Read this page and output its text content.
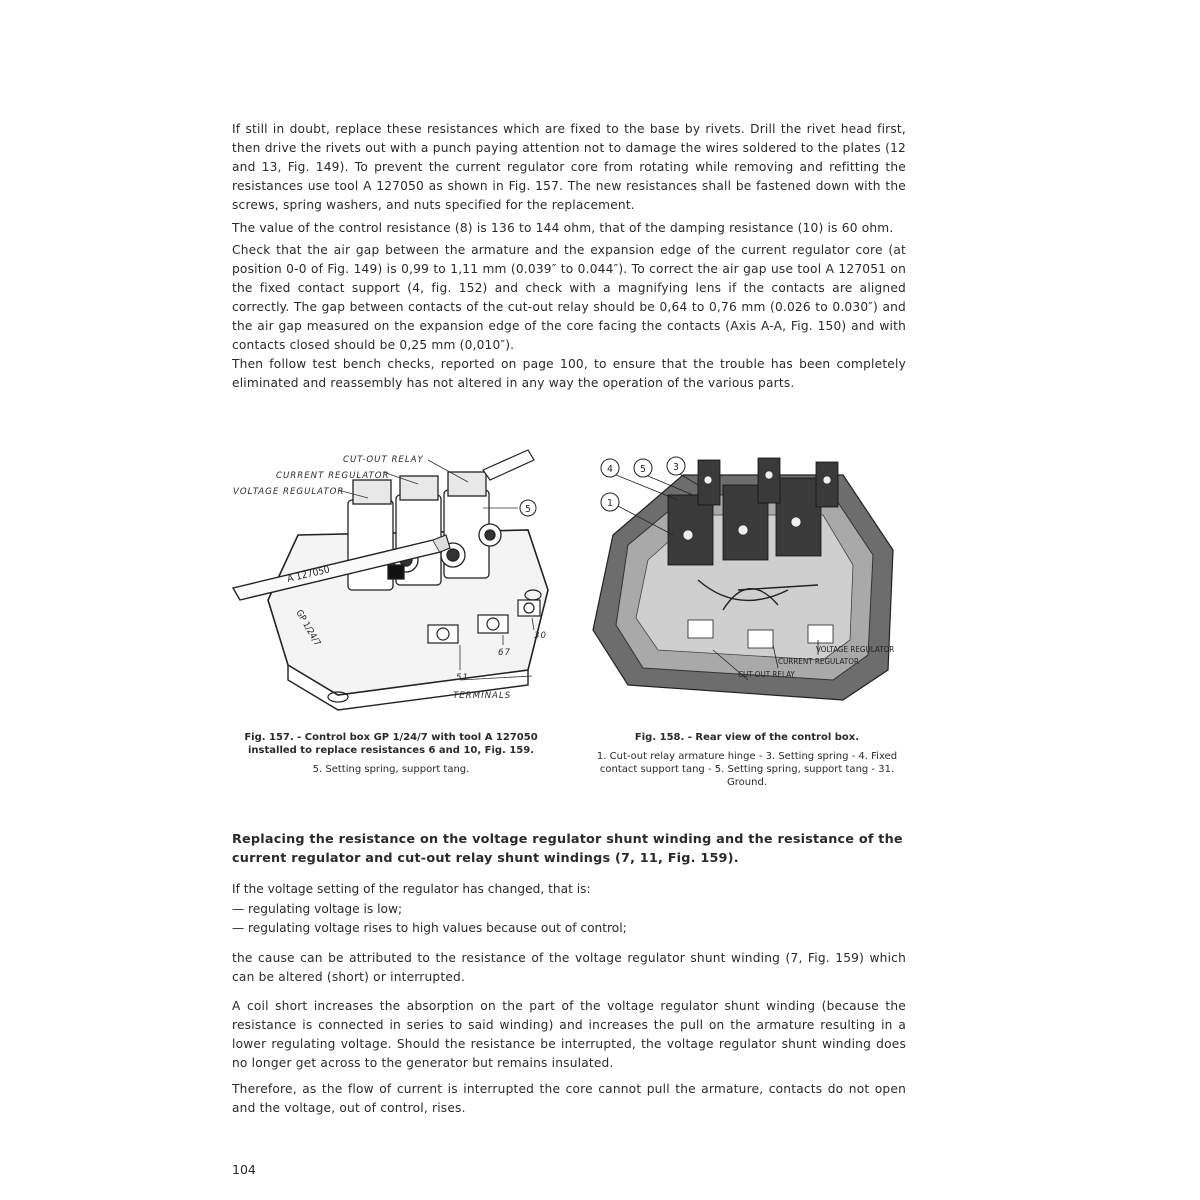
If still in doubt, replace these resistances which are fixed to the base by rivets. Drill the rivet head first, then drive the rivets out with a punch paying attention not to damage the wires soldered to the plates (12 and 13, Fig. 149). To prevent the current regulator core from rotating while removing and refitting the resistances use tool A 127050 as shown in Fig. 157. The new resistances shall be fastened down with the screws, spring washers, and nuts specified for the replacement.

The value of the control resistance (8) is 136 to 144 ohm, that of the damping resistance (10) is 60 ohm.

Check that the air gap between the armature and the expansion edge of the current regulator core (at position 0-0 of Fig. 149) is 0,99 to 1,11 mm (0.039″ to 0.044″). To correct the air gap use tool A 127051 on the fixed contact support (4, fig. 152) and check with a magnifying lens if the contacts are aligned correctly. The gap between contacts of the cut-out relay should be 0,64 to 0,76 mm (0.026 to 0.030″) and the air gap measured on the expansion edge of the core facing the contacts (Axis A-A, Fig. 150) and with contacts closed should be 0,25 mm (0,010″).

Then follow test bench checks, reported on page 100, to ensure that the trouble has been completely eliminated and reassembly has not altered in any way the operation of the various parts.

A 127050
GP 1/24/7
5
CUT-OUT RELAY
CURRENT REGULATOR
VOLTAGE REGULATOR
51
67
30
TERMINALS

Fig. 157. - Control box GP 1/24/7 with tool A 127050 installed to replace resistances 6 and 10, Fig. 159.
5. Setting spring, support tang.

4	5	3
1
VOLTAGE REGULATOR
CURRENT REGULATOR
CUT-OUT RELAY

Fig. 158. - Rear view of the control box.
1. Cut-out relay armature hinge - 3. Setting spring - 4. Fixed contact support tang - 5. Setting spring, support tang - 31. Ground.

Replacing the resistance on the voltage regulator shunt winding and the resistance of the current regulator and cut-out relay shunt windings (7, 11, Fig. 159).

If the voltage setting of the regulator has changed, that is:

— regulating voltage is low;

— regulating voltage rises to high values because out of control;

the cause can be attributed to the resistance of the voltage regulator shunt winding (7, Fig. 159) which can be altered (short) or interrupted.

A coil short increases the absorption on the part of the voltage regulator shunt winding (because the resistance is connected in series to said winding) and increases the pull on the armature resulting in a lower regulating voltage. Should the resistance be interrupted, the voltage regulator shunt winding does no longer get across to the generator but remains insulated.

Therefore, as the flow of current is interrupted the core cannot pull the armature, contacts do not open and the voltage, out of control, rises.

104
